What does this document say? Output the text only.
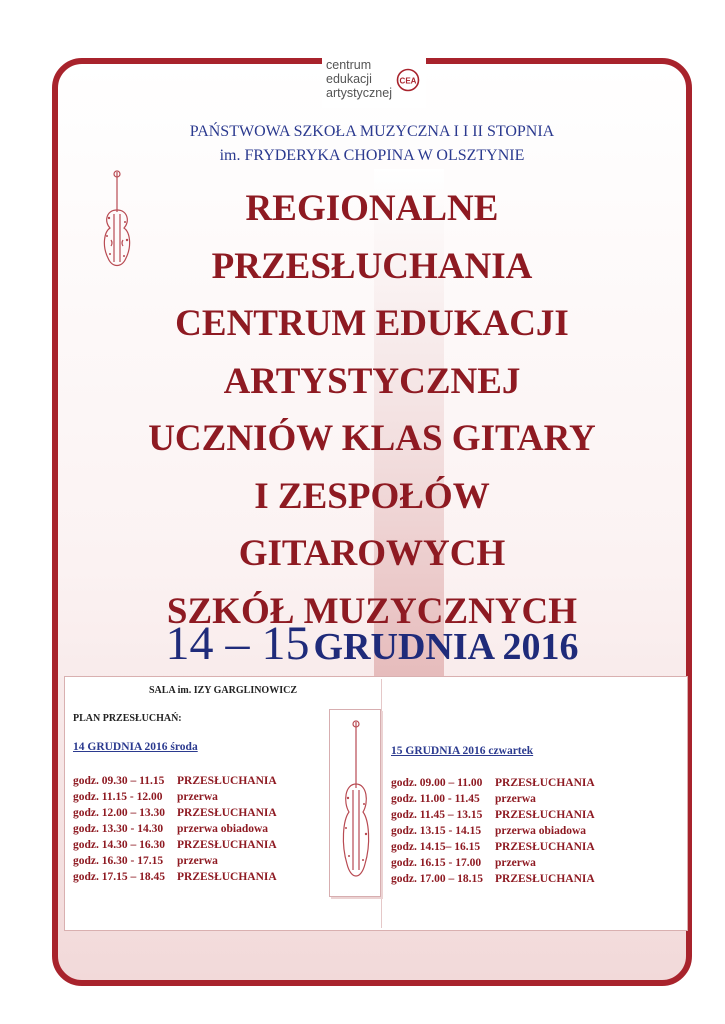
centrum
edukacji
artystycznej
CEA
PAŃSTWOWA SZKOŁA MUZYCZNA I I II STOPNIA
im. FRYDERYKA CHOPINA W OLSZTYNIE
REGIONALNE
PRZESŁUCHANIA
CENTRUM EDUKACJI
ARTYSTYCZNEJ
UCZNIÓW KLAS GITARY
I ZESPOŁÓW
GITAROWYCH
SZKÓŁ MUZYCZNYCH
14 – 15 GRUDNIA 2016
SALA im. IZY GARGLINOWICZ
PLAN PRZESŁUCHAŃ:
14 GRUDNIA 2016 środa
godz. 09.30 – 11.15	PRZESŁUCHANIA
godz. 11.15 - 12.00	przerwa
godz. 12.00 – 13.30	PRZESŁUCHANIA
godz. 13.30 - 14.30	przerwa obiadowa
godz. 14.30 – 16.30	PRZESŁUCHANIA
godz. 16.30 - 17.15	przerwa
godz. 17.15 – 18.45	PRZESŁUCHANIA
15 GRUDNIA 2016 czwartek
godz. 09.00 – 11.00	PRZESŁUCHANIA
godz. 11.00 - 11.45	przerwa
godz. 11.45 – 13.15	PRZESŁUCHANIA
godz. 13.15 - 14.15	przerwa obiadowa
godz. 14.15– 16.15	PRZESŁUCHANIA
godz. 16.15 - 17.00	przerwa
godz. 17.00 – 18.15	PRZESŁUCHANIA
